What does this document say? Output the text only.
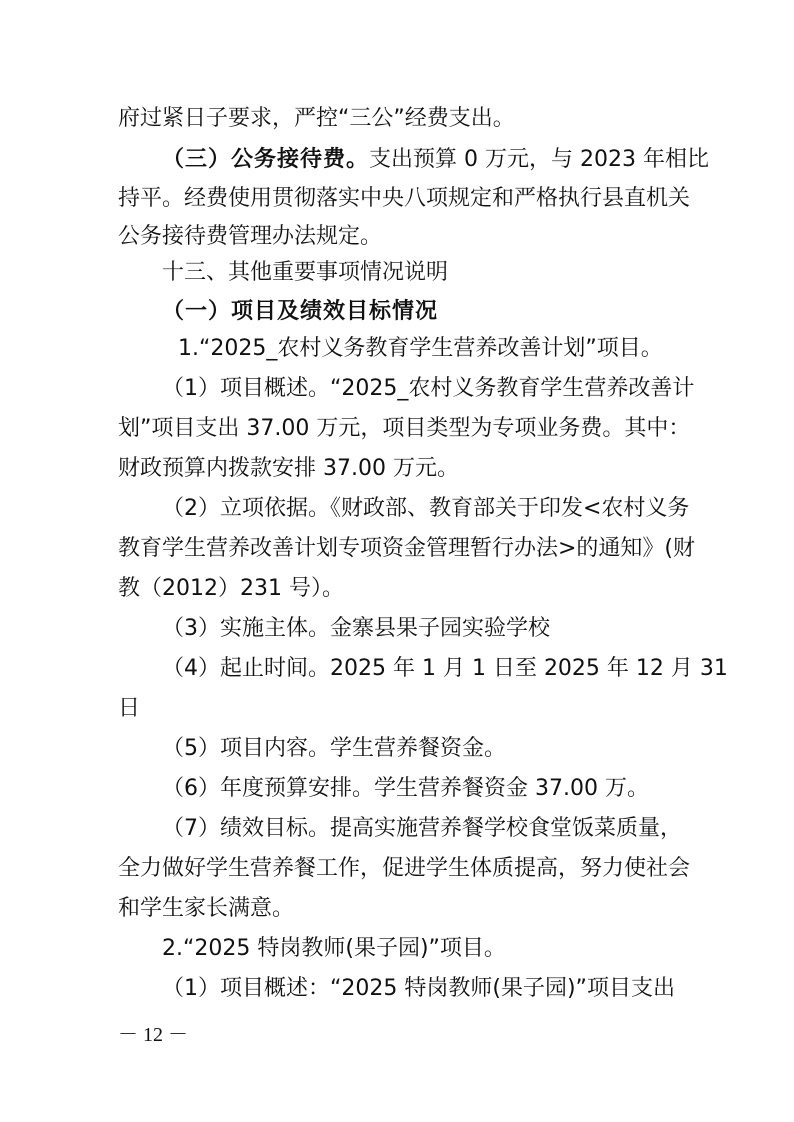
府过紧日子要求，严控“三公”经费支出。
（三）公务接待费。支出预算 0 万元，与 2023 年相比
持平。经费使用贯彻落实中央八项规定和严格执行县直机关
公务接待费管理办法规定。
十三、其他重要事项情况说明
（一）项目及绩效目标情况
1.“2025_农村义务教育学生营养改善计划”项目。
（1）项目概述。“2025_农村义务教育学生营养改善计
划”项目支出 37.00 万元，项目类型为专项业务费。其中：
财政预算内拨款安排 37.00 万元。
（2）立项依据。《财政部、教育部关于印发<农村义务
教育学生营养改善计划专项资金管理暂行办法>的通知》(财
教（2012）231 号）。
（3）实施主体。金寨县果子园实验学校
（4）起止时间。2025 年 1 月 1 日至 2025 年 12 月 31
日
（5）项目内容。学生营养餐资金。
（6）年度预算安排。学生营养餐资金 37.00 万。
（7）绩效目标。提高实施营养餐学校食堂饭菜质量，
全力做好学生营养餐工作，促进学生体质提高，努力使社会
和学生家长满意。
2.“2025 特岗教师(果子园)”项目。
（1）项目概述：“2025 特岗教师(果子园)”项目支出
－ 12 －
